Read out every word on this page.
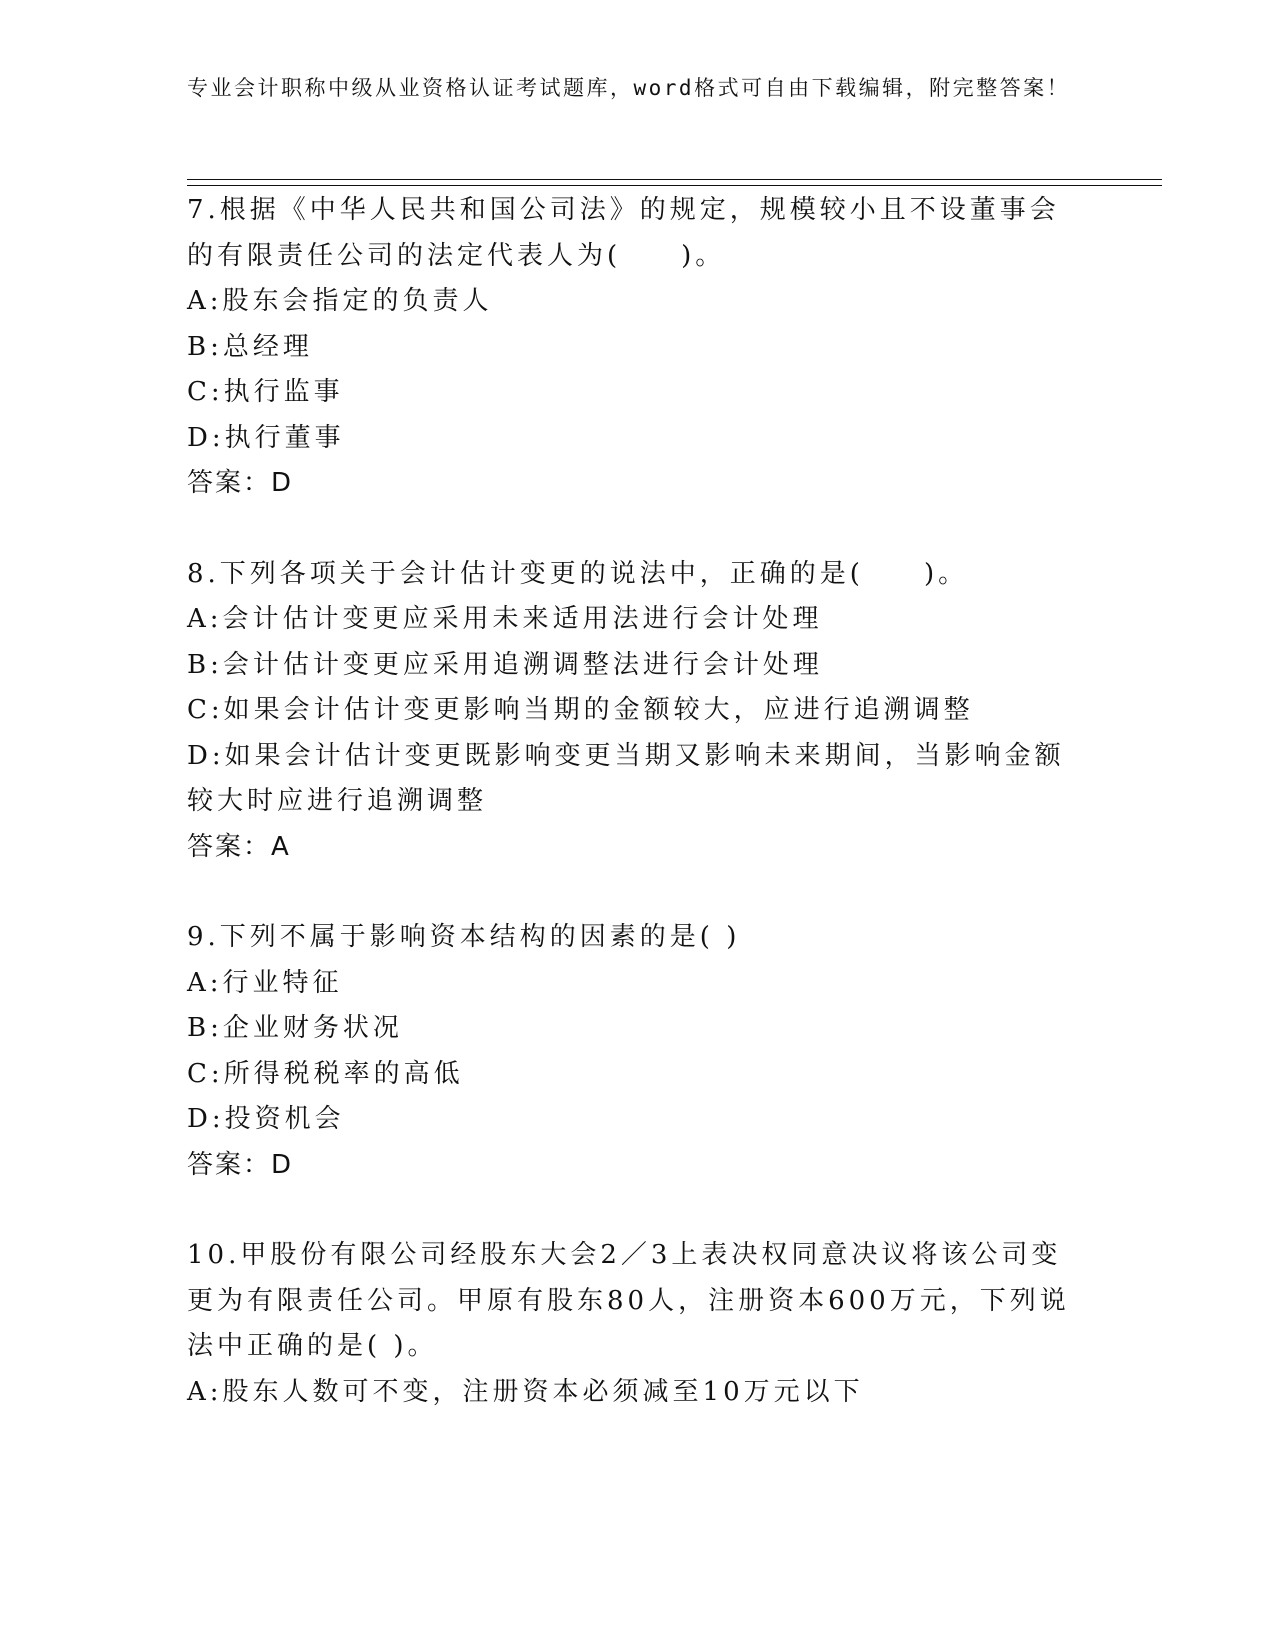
专业会计职称中级从业资格认证考试题库，word格式可自由下载编辑，附完整答案！
7.根据《中华人民共和国公司法》的规定，规模较小且不设董事会的有限责任公司的法定代表人为(　　)。
A:股东会指定的负责人
B:总经理
C:执行监事
D:执行董事
答案：D
8.下列各项关于会计估计变更的说法中，正确的是(　　)。
A:会计估计变更应采用未来适用法进行会计处理
B:会计估计变更应采用追溯调整法进行会计处理
C:如果会计估计变更影响当期的金额较大，应进行追溯调整
D:如果会计估计变更既影响变更当期又影响未来期间，当影响金额较大时应进行追溯调整
答案：A
9.下列不属于影响资本结构的因素的是( )
A:行业特征
B:企业财务状况
C:所得税税率的高低
D:投资机会
答案：D
10.甲股份有限公司经股东大会2／3上表决权同意决议将该公司变更为有限责任公司。甲原有股东80人，注册资本600万元，下列说法中正确的是( )。
A:股东人数可不变，注册资本必须减至10万元以下
